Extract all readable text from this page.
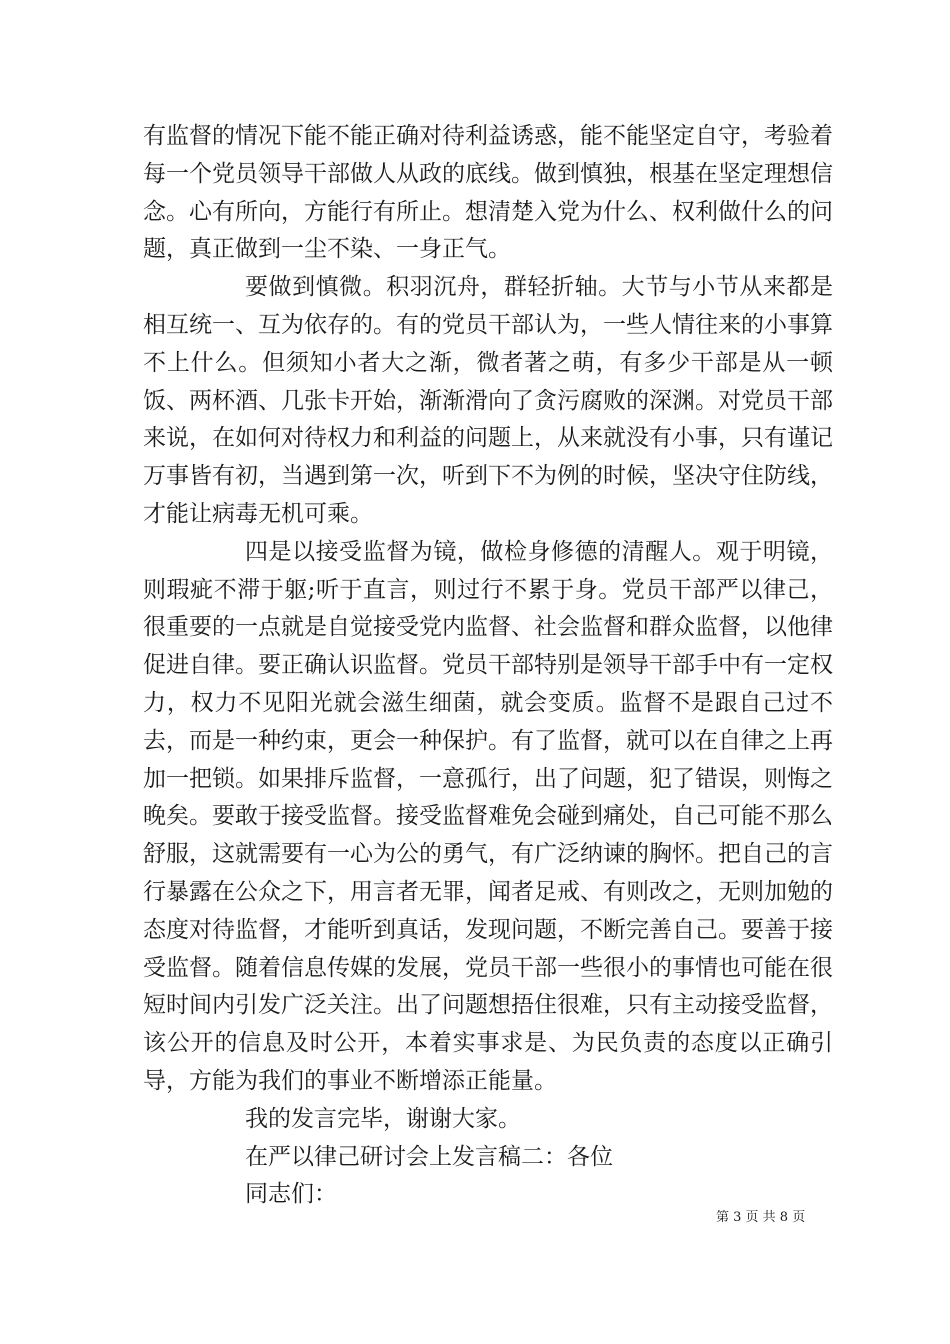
有监督的情况下能不能正确对待利益诱惑，能不能坚定自守，考验着每一个党员领导干部做人从政的底线。做到慎独，根基在坚定理想信念。心有所向，方能行有所止。想清楚入党为什么、权利做什么的问题，真正做到一尘不染、一身正气。

要做到慎微。积羽沉舟，群轻折轴。大节与小节从来都是相互统一、互为依存的。有的党员干部认为，一些人情往来的小事算不上什么。但须知小者大之渐，微者著之萌，有多少干部是从一顿饭、两杯酒、几张卡开始，渐渐滑向了贪污腐败的深渊。对党员干部来说，在如何对待权力和利益的问题上，从来就没有小事，只有谨记万事皆有初，当遇到第一次，听到下不为例的时候，坚决守住防线，才能让病毒无机可乘。

四是以接受监督为镜，做检身修德的清醒人。观于明镜，则瑕疵不滞于躯;听于直言，则过行不累于身。党员干部严以律己，很重要的一点就是自觉接受党内监督、社会监督和群众监督，以他律促进自律。要正确认识监督。党员干部特别是领导干部手中有一定权力，权力不见阳光就会滋生细菌，就会变质。监督不是跟自己过不去，而是一种约束，更会一种保护。有了监督，就可以在自律之上再加一把锁。如果排斥监督，一意孤行，出了问题，犯了错误，则悔之晚矣。要敢于接受监督。接受监督难免会碰到痛处，自己可能不那么舒服，这就需要有一心为公的勇气，有广泛纳谏的胸怀。把自己的言行暴露在公众之下，用言者无罪，闻者足戒、有则改之，无则加勉的态度对待监督，才能听到真话，发现问题，不断完善自己。要善于接受监督。随着信息传媒的发展，党员干部一些很小的事情也可能在很短时间内引发广泛关注。出了问题想捂住很难，只有主动接受监督，该公开的信息及时公开，本着实事求是、为民负责的态度以正确引导，方能为我们的事业不断增添正能量。

我的发言完毕，谢谢大家。

在严以律己研讨会上发言稿二：各位

同志们：

第 3 页 共 8 页
